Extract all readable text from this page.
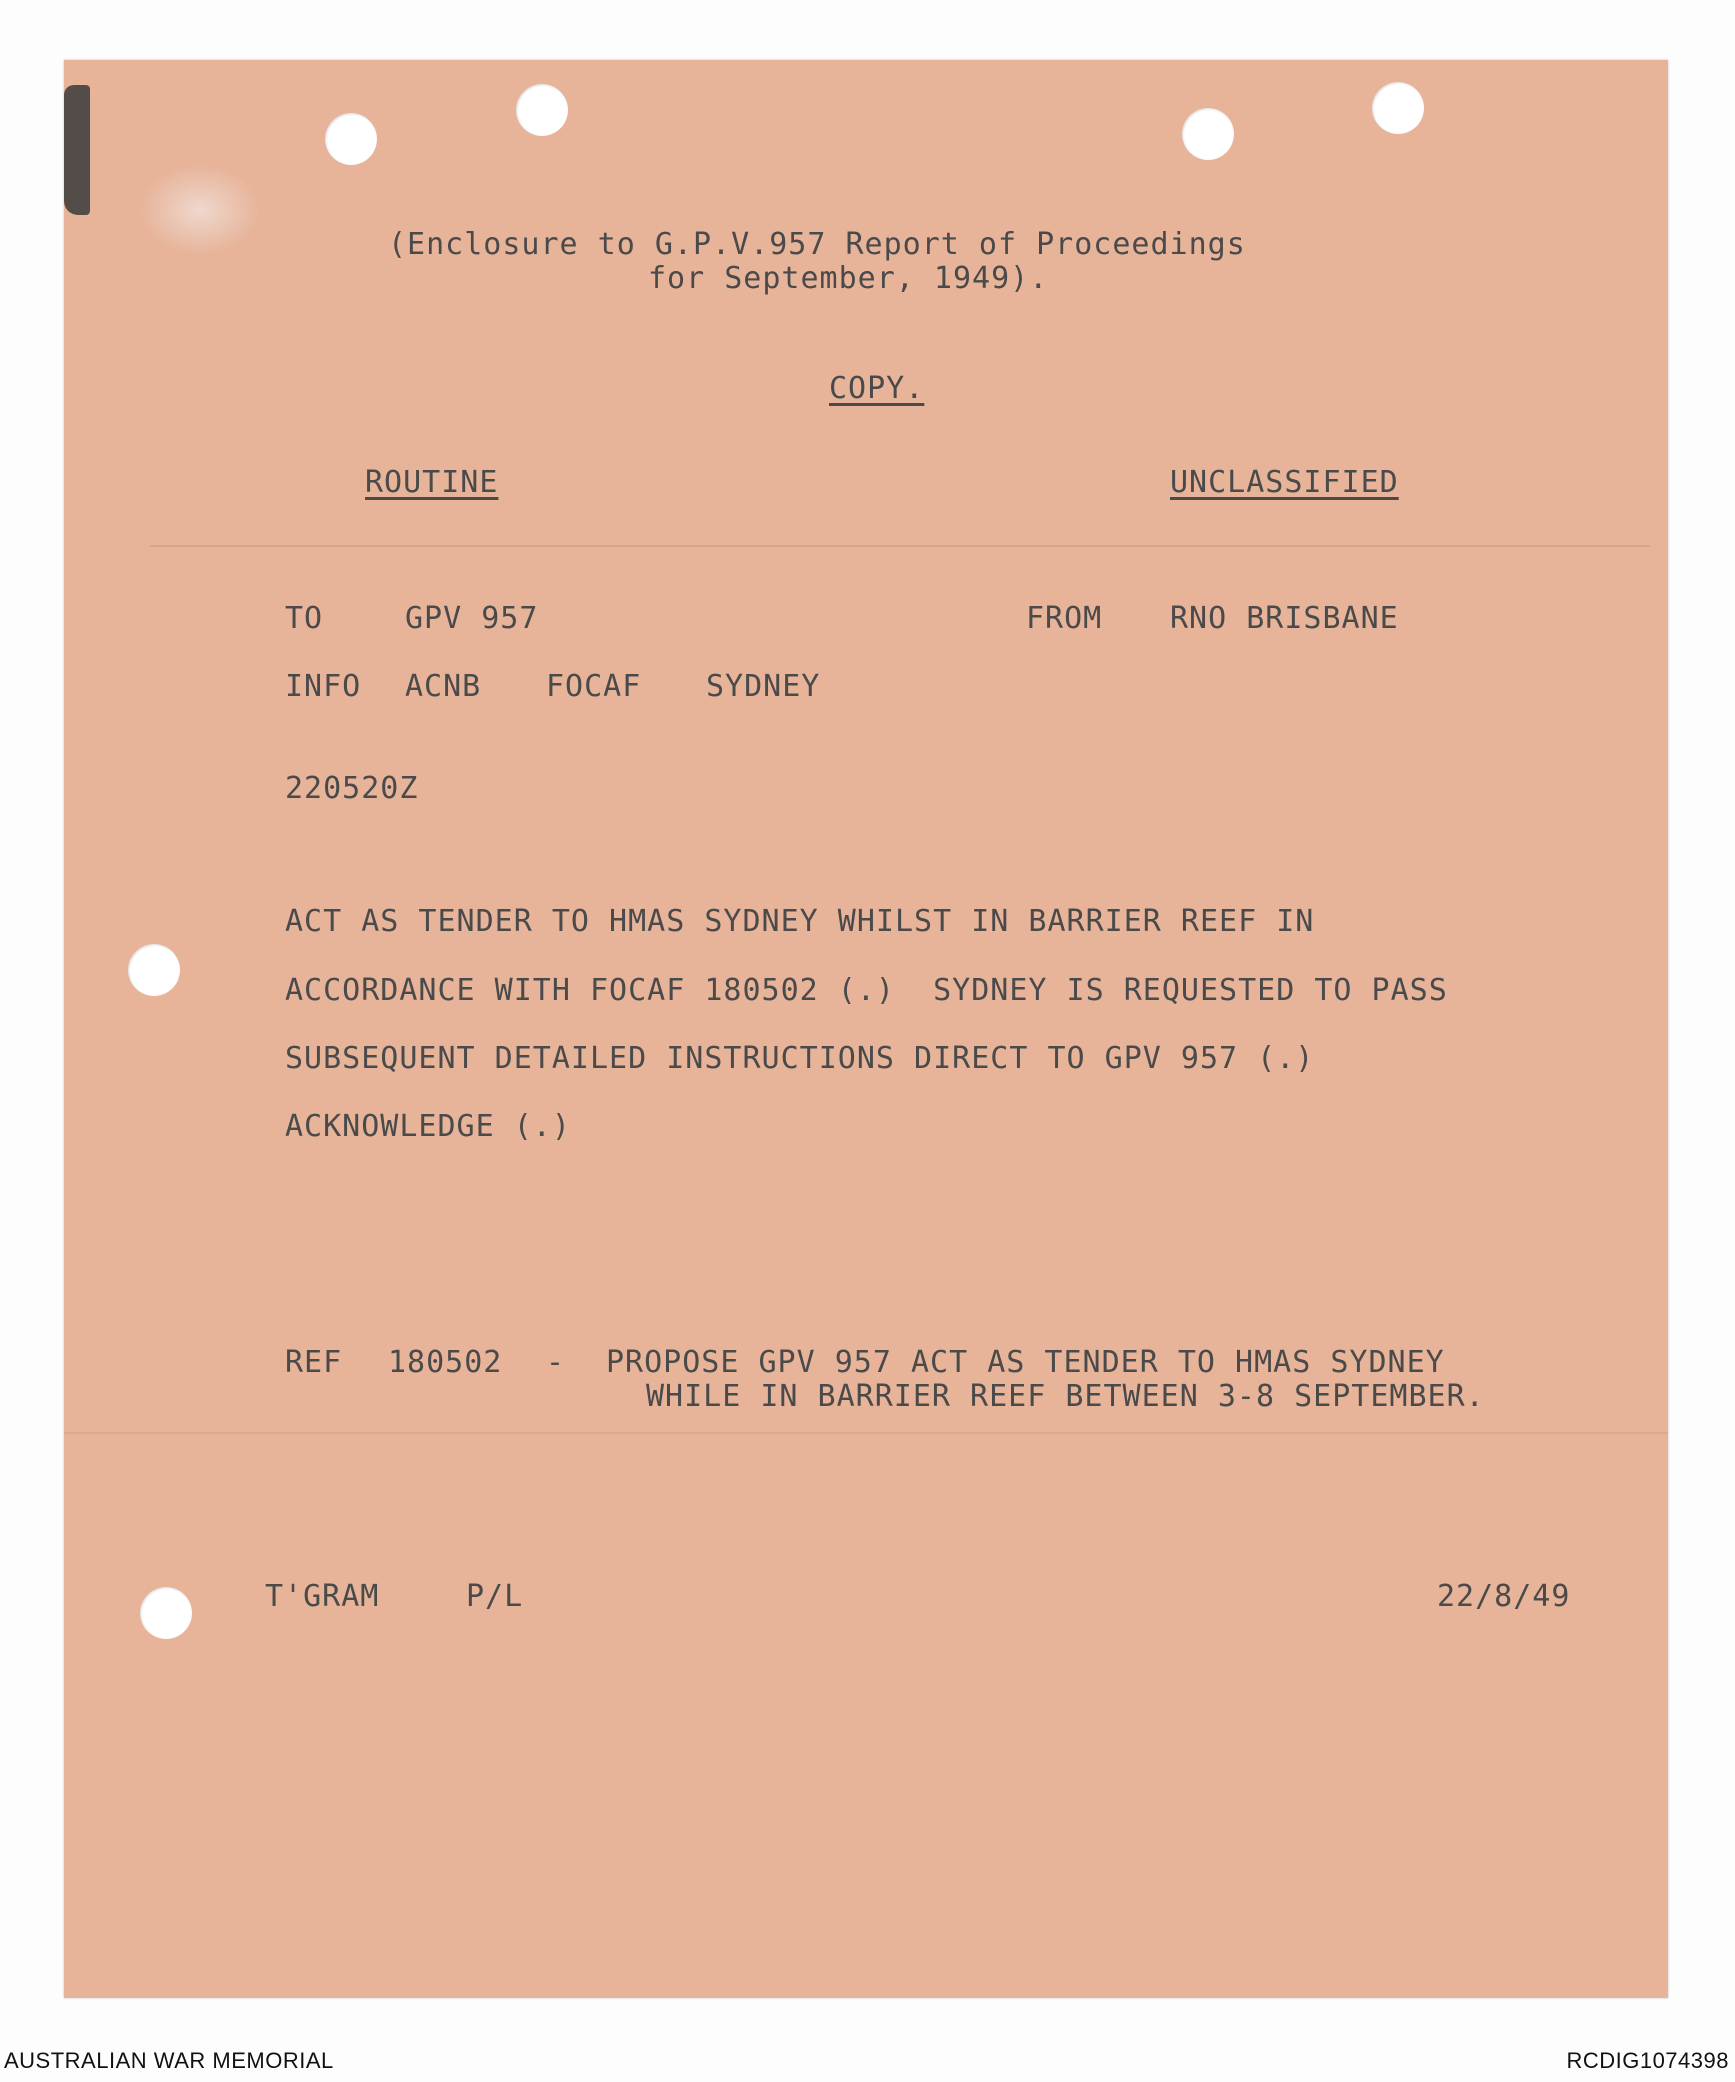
(Enclosure to G.P.V.957 Report of Proceedings
for September, 1949).
COPY.
ROUTINE	UNCLASSIFIED
TO	GPV 957	FROM RNO BRISBANE
INFO ACNB FOCAF SYDNEY
220520Z
ACT AS TENDER TO HMAS SYDNEY WHILST IN BARRIER REEF IN
ACCORDANCE WITH FOCAF 180502 (.)  SYDNEY IS REQUESTED TO PASS
SUBSEQUENT DETAILED INSTRUCTIONS DIRECT TO GPV 957 (.)
ACKNOWLEDGE (.)
REF 180502 - PROPOSE GPV 957 ACT AS TENDER TO HMAS SYDNEY
WHILE IN BARRIER REEF BETWEEN 3-8 SEPTEMBER.
T'GRAM	P/L	22/8/49
AUSTRALIAN WAR MEMORIAL	RCDIG1074398
